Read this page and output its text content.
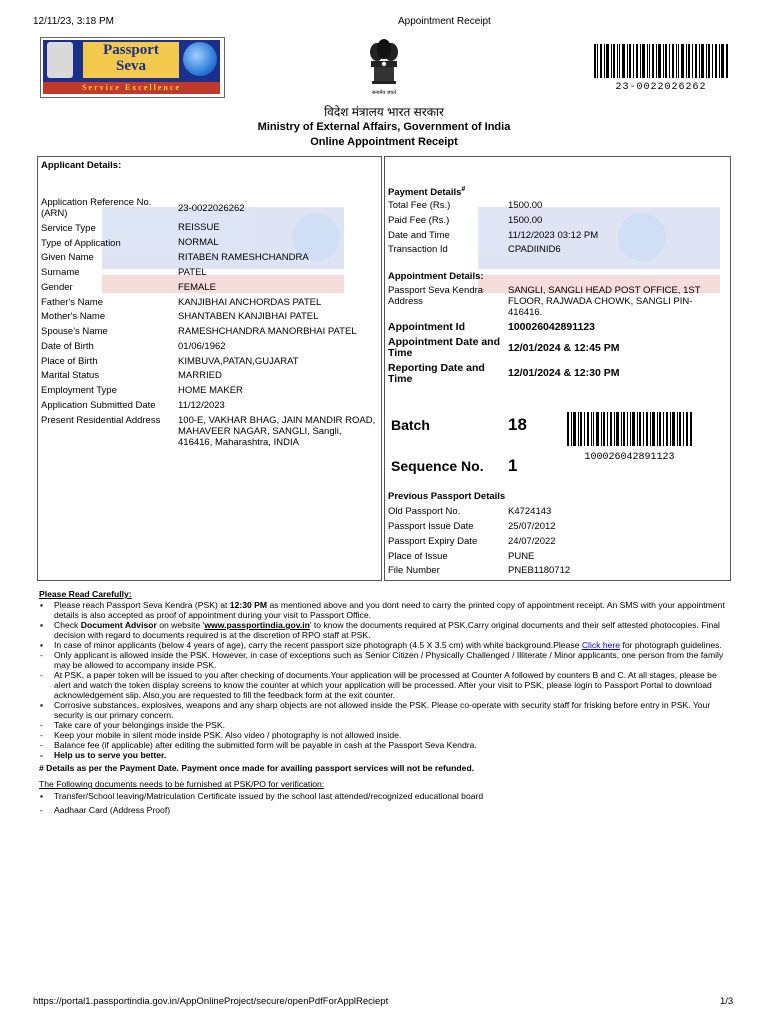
12/11/23, 3:18 PM	Appointment Receipt
Passport
Seva
Service Excellence
सत्यमेव जयते	23-0022026262
विदेश मंत्रालय भारत सरकार
Ministry of External Affairs, Government of India
Online Appointment Receipt
Applicant Details:
Application Reference No. (ARN)	23-0022026262
Service Type	REISSUE
Type of Application	NORMAL
Given Name	RITABEN RAMESHCHANDRA
Surname	PATEL
Gender	FEMALE
Father's Name	KANJIBHAI ANCHORDAS PATEL
Mother's Name	SHANTABEN KANJIBHAI PATEL
Spouse's Name	RAMESHCHANDRA MANORBHAI PATEL
Date of Birth	01/06/1962
Place of Birth	KIMBUVA,PATAN,GUJARAT
Marital Status	MARRIED
Employment Type	HOME MAKER
Application Submitted Date 11/12/2023
Present Residential Address 100-E, VAKHAR BHAG, JAIN MANDIR ROAD, MAHAVEER NAGAR, SANGLI, Sangli, 416416, Maharashtra, INDIA
Payment Details#
Total Fee (Rs.)	1500.00
Paid Fee (Rs.)	1500.00
Date and Time	11/12/2023 03:12 PM
Transaction Id	CPADIINID6
Appointment Details:
Passport Seva Kendra Address
SANGLI, SANGLI HEAD POST OFFICE, 1ST FLOOR, RAJWADA CHOWK, SANGLI PIN-416416.
Appointment Id	100026042891123
Appointment Date and Time	12/01/2024 & 12:45 PM
Reporting Date and Time	12/01/2024 & 12:30 PM
Batch	18
Sequence No. 1	100026042891123
Previous Passport Details
Old Passport No.	K4724143
Passport Issue Date	25/07/2012
Passport Expiry Date	24/07/2022
Place of Issue	PUNE
File Number	PNEB1180712
Please Read Carefully:
▪ Please reach Passport Seva Kendra (PSK) at 12:30 PM as mentioned above and you dont need to carry the printed copy of appointment receipt. An SMS with your appointment details is also accepted as proof of appointment during your visit to Passport Office.
▪ Check Document Advisor on website 'www.passportindia.gov.in' to know the documents required at PSK.Carry original documents and their self attested photocopies. Final decision with regard to documents required is at the discretion of RPO staff at PSK.
▪ In case of minor applicants (below 4 years of age), carry the recent passport size photograph (4.5 X 3.5 cm) with white background.Please Click here for photograph guidelines.
- Only applicant is allowed inside the PSK. However, in case of exceptions such as Senior Citizen / Physically Challenged / Illiterate / Minor applicants, one person from the family may be allowed to accompany inside PSK.
- At PSK, a paper token will be issued to you after checking of documents.Your application will be processed at Counter A followed by counters B and C. At all stages, please be alert and watch the token display screens to know the counter at which your application will be processed. After your visit to PSK, please login to Passport Portal to download acknowledgement slip. Also,you are requested to fill the feedback form at the exit counter.
▪ Corrosive substances, explosives, weapons and any sharp objects are not allowed inside the PSK. Please co-operate with security staff for frisking before entry in PSK. Your security is our primary concern.
- Take care of your belongings inside the PSK.
- Keep your mobile in silent mode inside PSK. Also video / photography is not allowed inside.
- Balance fee (if applicable) after editing the submitted form will be payable in cash at the Passport Seva Kendra.
- Help us to serve you better.
# Details as per the Payment Date. Payment once made for availing passport services will not be refunded.
The Following documents needs to be furnished at PSK/PO for verification:
▪ Transfer/School leaving/Matriculation Certificate issued by the school last attended/recognized educational board
- Aadhaar Card (Address Proof)
https://portal1.passportindia.gov.in/AppOnlineProject/secure/openPdfForApplReciept	1/3
